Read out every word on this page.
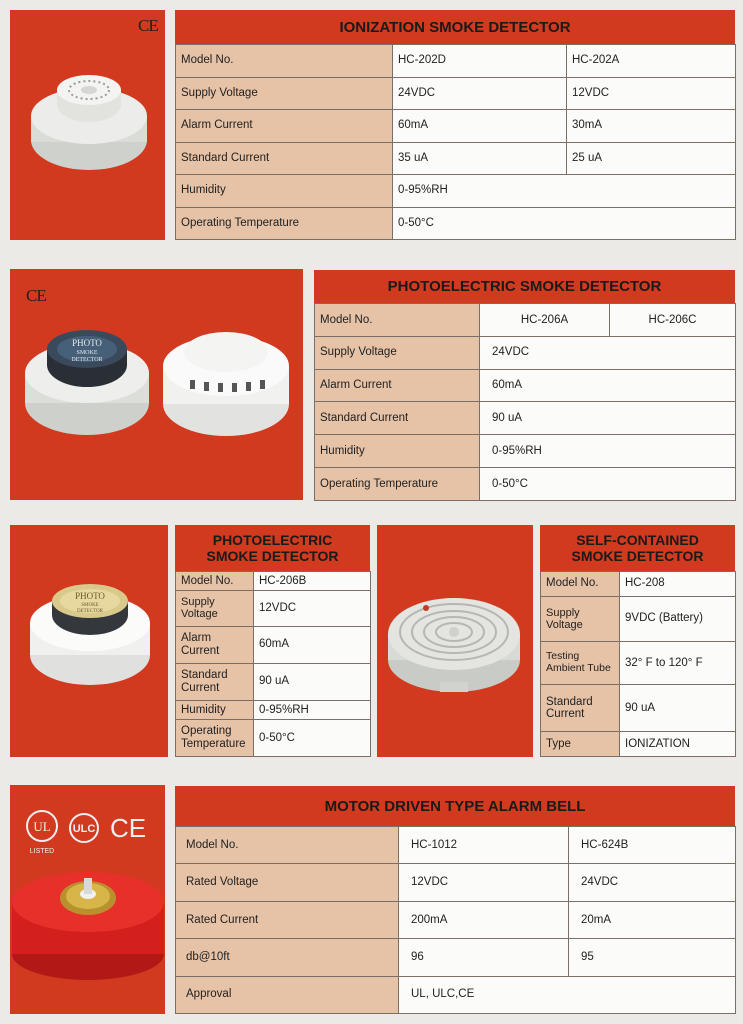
CE	IONIZATION SMOKE DETECTOR
Model No.	HC-202D	HC-202A
Supply Voltage	24VDC	12VDC
Alarm Current	60mA	30mA
Standard Current	35 uA	25 uA
Humidity	0-95%RH	
Operating Temperature	0-50°C	
CE
PHOTO
SMOKE
DETECTOR
PHOTOELECTRIC SMOKE DETECTOR
Model No.	HC-206A	HC-206C
Supply Voltage	24VDC	
Alarm Current	60mA	
Standard Current	90 uA	
Humidity	0-95%RH	
Operating Temperature	0-50°C	
PHOTO
SMOKE
DETECTOR
PHOTOELECTRIC
SMOKE DETECTOR
Model No.	HC-206B
Supply Voltage	12VDC
Alarm Current	60mA
Standard Current	90 uA
Humidity	0-95%RH
Operating Temperature	0-50°C
SELF-CONTAINED
SMOKE DETECTOR
Model No.	HC-208
Supply Voltage	9VDC (Battery)
Testing Ambient Tube	32° F to 120° F
Standard Current	90 uA
Type	IONIZATION
UL
LISTED
ULC CE
MOTOR DRIVEN TYPE ALARM BELL
Model No.	HC-1012	HC-624B
Rated Voltage	12VDC	24VDC
Rated Current	200mA	20mA
db@10ft	96	95
Approval	UL, ULC,CE	
